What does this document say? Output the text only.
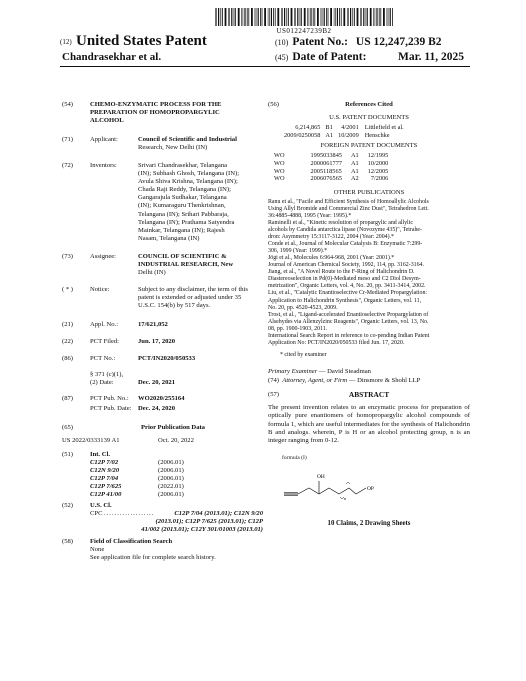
US012247239B2
(12) United States Patent
Chandrasekhar et al.
(10) Patent No.: US 12,247,239 B2
(45) Date of Patent:	Mar. 11, 2025
(54)	CHEMO-ENZYMATIC PROCESS FOR THE
PREPARATION OF HOMOPROPARGYLIC
ALCOHOL
(71)	Applicant:	Council of Scientific and Industrial
Research, New Delhi (IN)
(72)	Inventors:	Srivari Chandrasekhar, Telangana
(IN); Subhash Ghosh, Telangana (IN);
Avula Shiva Krishna, Telangana (IN);
Chada Raji Reddy, Telangana (IN);
Gangarajula Sudhakar, Telangana
(IN); Kumaraguru Thenkrishnan,
Telangana (IN); Srihari Pabbaraja,
Telangana (IN); Prathama Satyendra
Mainkar, Telangana (IN); Rajesh
Nasam, Telangana (IN)
(73)	Assignee:	COUNCIL OF SCIENTIFIC &
INDUSTRIAL RESEARCH, New
Delhi (IN)
( * )	Notice:	Subject to any disclaimer, the term of this
patent is extended or adjusted under 35
U.S.C. 154(b) by 517 days.
(21)	Appl. No.:	17/621,052
(22)	PCT Filed:	Jun. 17, 2020
(86)	PCT No.:	PCT/IN2020/050533
§ 371 (c)(1),
(2) Date:	Dec. 20, 2021
(87)	PCT Pub. No.:	WO2020/255164
PCT Pub. Date: Dec. 24, 2020
(65)	Prior Publication Data
US 2022/0333139 A1	Oct. 20, 2022
(51)	Int. Cl.
C12P 7/02	(2006.01)
C12N 9/20	(2006.01)
C12P 7/04	(2006.01)
C12P 7/625	(2022.01)
C12P 41/00	(2006.01)
(52)	U.S. Cl.
CPC ...................	C12P 7/04 (2013.01); C12N 9/20
(2013.01); C12P 7/625 (2013.01); C12P
41/002 (2013.01); C12Y 301/01003 (2013.01)
(58)	Field of Classification Search
None
See application file for complete search history.
(56)	References Cited
U.S. PATENT DOCUMENTS
6,214,865	B1	4/2001	Littlefield et al.
2009/0250058	A1	10/2009	Henschke
FOREIGN PATENT DOCUMENTS
WO	1995033845	A1	12/1995
WO	2000061777	A1	10/2000
WO	2005118565	A1	12/2005
WO	2006076565	A2	7/2006
OTHER PUBLICATIONS
Ranu et al., "Facile and Efficient Synthesis of Homoallylic Alcohols
Using Allyl Bromide and Commercial Zinc Dust", Tetrahedron Lett.
36:4885-4888, 1995 (Year: 1995).*
Raminelli et al., "Kinetic resolution of propargylic and allylic
alcohols by Candida antarctica lipase (Novozyme 435)", Tetrahe-
dron: Asymmetry 15:3117-3122, 2004 (Year: 2004).*
Conde et al., Journal of Molecular Catalysis B: Enzymatic 7:299-
306, 1999 (Year: 1999).*
Jögi et al., Molecules 6:964-968, 2001 (Year: 2001).*
Journal of American Chemical Society, 1992, 114, pp. 3162-3164.
Jiang, et al., "A Novel Route to the F-Ring of Halichondrin D.
Diastereoselection in Pd(0)-Mediated meso and C2 Diol Desym-
metrization", Organic Letters, vol. 4, No. 20, pp. 3411-3414, 2002.
Liu, et al., "Catalytic Enantioselective Cr-Mediated Propargylation:
Application to Halichondrin Synthesis", Organic Letters, vol. 11,
No. 20, pp. 4520-4523, 2009.
Trost, et al., "Ligand-accelerated Enantioselective Propargylation of
Alsehydes via Allenzylzinc Reagents", Organic Letters, vol. 13, No.
08, pp. 1900-1903, 2011.
International Search Report in reference to co-pending Indian Patent
Application No: PCT/IN2020/050533 filed Jun. 17, 2020.
* cited by examiner
Primary Examiner — David Steadman
(74) Attorney, Agent, or Firm — Dinsmore & Shohl LLP
(57)	ABSTRACT
The present invention relates to an enzymatic process for preparation of optically pure enantiomers of homopropargylic alcohol compounds of formula 1, which are useful intermediates for the synthesis of Halichondrin B and analogs. wherein, P is H or an alcohol protecting group, n is an integer ranging from 0-12.
formula (I)
OH
n
OP
10 Claims, 2 Drawing Sheets
